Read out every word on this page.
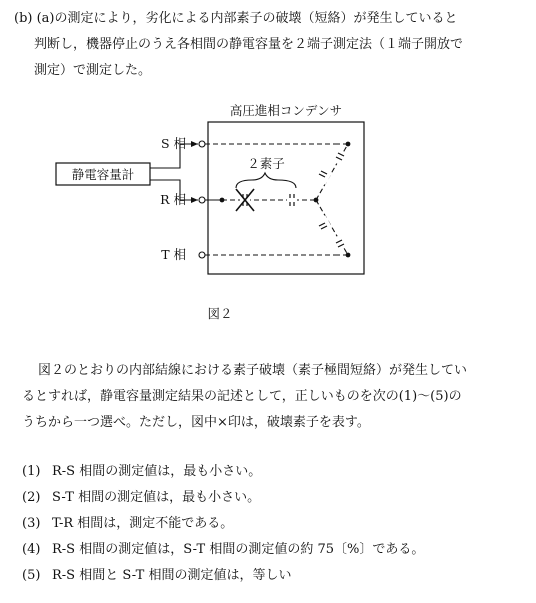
(b) (a)の測定により，劣化による内部素子の破壊（短絡）が発生していると
判断し，機器停止のうえ各相間の静電容量を２端子測定法（１端子開放で
測定）で測定した。
高圧進相コンデンサ
静電容量計
S 相
R 相
T 相
２素子
図２
図２のとおりの内部結線における素子破壊（素子極間短絡）が発生してい
るとすれば，静電容量測定結果の記述として，正しいものを次の(1)～(5)の
うちから一つ選べ。ただし，図中×印は，破壊素子を表す。
(1) R-S 相間の測定値は，最も小さい。
(2) S-T 相間の測定値は，最も小さい。
(3) T-R 相間は，測定不能である。
(4) R-S 相間の測定値は，S-T 相間の測定値の約 75〔%〕である。
(5) R-S 相間と S-T 相間の測定値は，等しい
